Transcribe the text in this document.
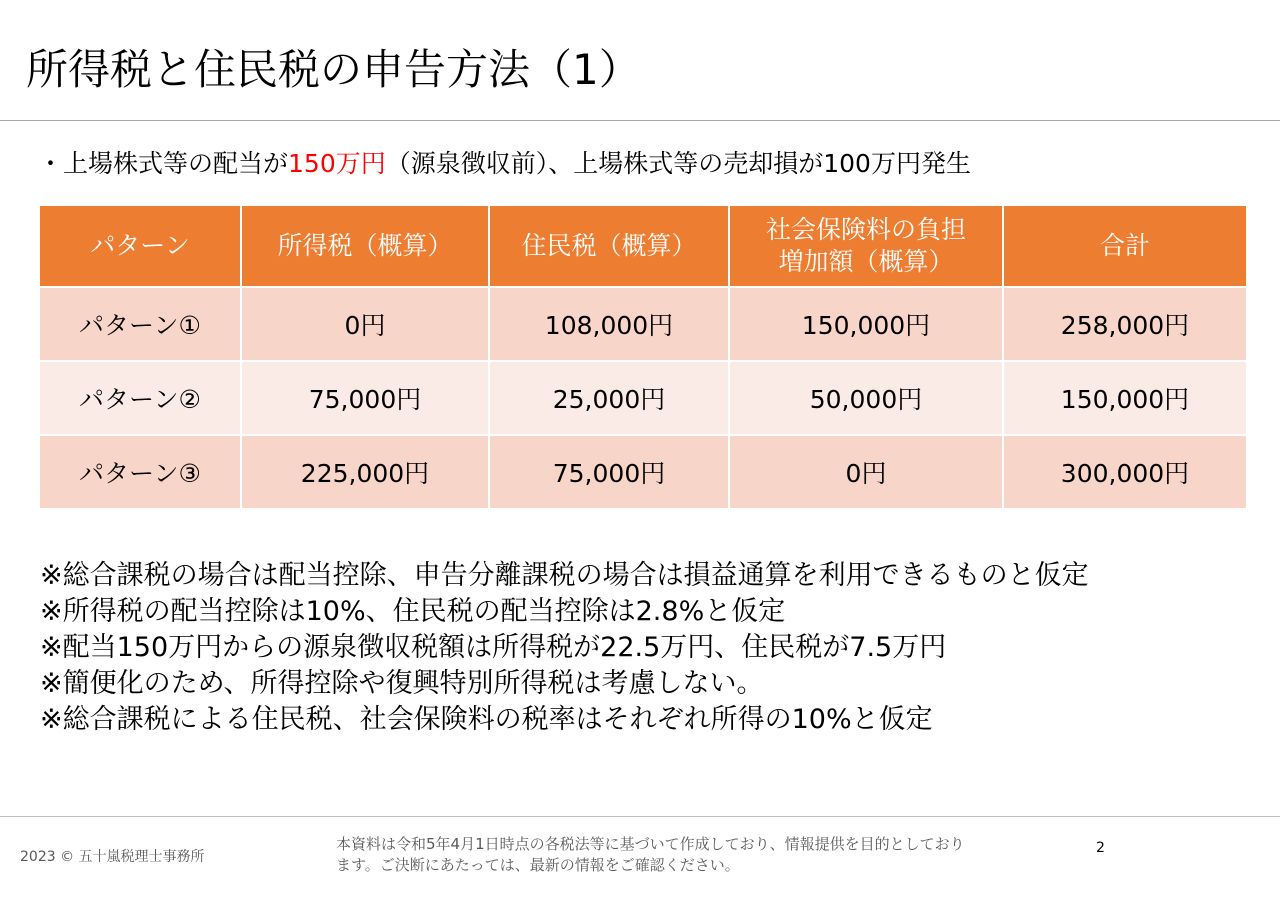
所得税と住民税の申告方法（1）
・上場株式等の配当が150万円（源泉徴収前）、上場株式等の売却損が100万円発生
パターン	所得税（概算）	住民税（概算）	社会保険料の負担
増加額（概算）	合計
パターン①	0円	108,000円	150,000円	258,000円
パターン②	75,000円	25,000円	50,000円	150,000円
パターン③	225,000円	75,000円	0円	300,000円
※総合課税の場合は配当控除、申告分離課税の場合は損益通算を利用できるものと仮定
※所得税の配当控除は10%、住民税の配当控除は2.8%と仮定
※配当150万円からの源泉徴収税額は所得税が22.5万円、住民税が7.5万円
※簡便化のため、所得控除や復興特別所得税は考慮しない。
※総合課税による住民税、社会保険料の税率はそれぞれ所得の10%と仮定
2023 © 五十嵐税理士事務所
本資料は令和5年4月1日時点の各税法等に基づいて作成しており、情報提供を目的としており
ます。ご決断にあたっては、最新の情報をご確認ください。
2
